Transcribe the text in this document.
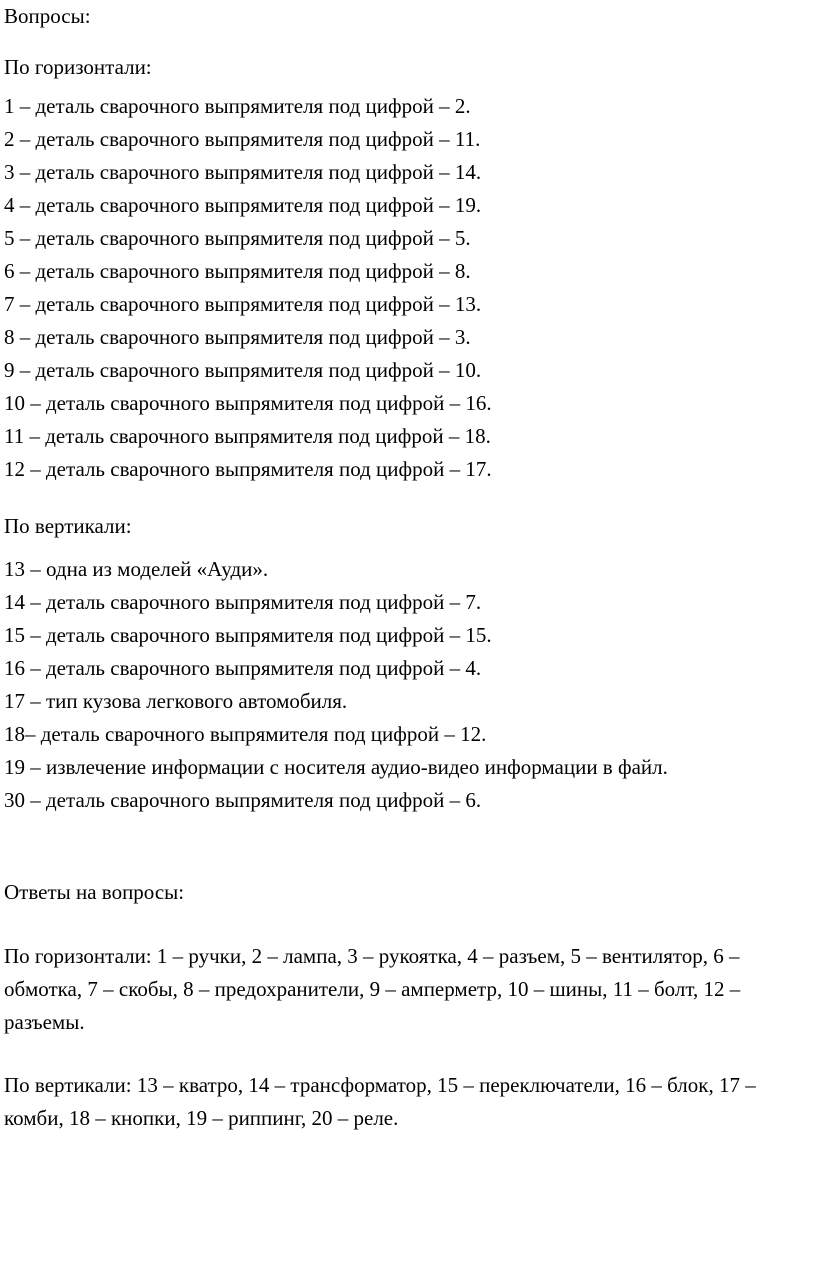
Вопросы:

По горизонтали:

1 – деталь сварочного выпрямителя под цифрой – 2.
2 – деталь сварочного выпрямителя под цифрой – 11.
3 – деталь сварочного выпрямителя под цифрой – 14.
4 – деталь сварочного выпрямителя под цифрой – 19.
5 – деталь сварочного выпрямителя под цифрой – 5.
6 – деталь сварочного выпрямителя под цифрой – 8.
7 – деталь сварочного выпрямителя под цифрой – 13.
8 – деталь сварочного выпрямителя под цифрой – 3.
9 – деталь сварочного выпрямителя под цифрой – 10.
10 – деталь сварочного выпрямителя под цифрой – 16.
11 – деталь сварочного выпрямителя под цифрой – 18.
12 – деталь сварочного выпрямителя под цифрой – 17.

По вертикали:

13 – одна из моделей «Ауди».
14 – деталь сварочного выпрямителя под цифрой – 7.
15 – деталь сварочного выпрямителя под цифрой – 15.
16 – деталь сварочного выпрямителя под цифрой – 4.
17 – тип кузова легкового автомобиля.
18– деталь сварочного выпрямителя под цифрой – 12.
19 – извлечение информации с носителя аудио-видео информации в файл.
30 – деталь сварочного выпрямителя под цифрой – 6.

Ответы на вопросы:

По горизонтали: 1 – ручки, 2 – лампа, 3 – рукоятка, 4 – разъем, 5 – вентилятор, 6 – обмотка, 7 – скобы, 8 – предохранители, 9 – амперметр, 10 – шины, 11 – болт, 12 – разъемы.

По вертикали: 13 – кватро, 14 – трансформатор, 15 – переключатели, 16 – блок, 17 – комби, 18 – кнопки, 19 – риппинг, 20 – реле.
